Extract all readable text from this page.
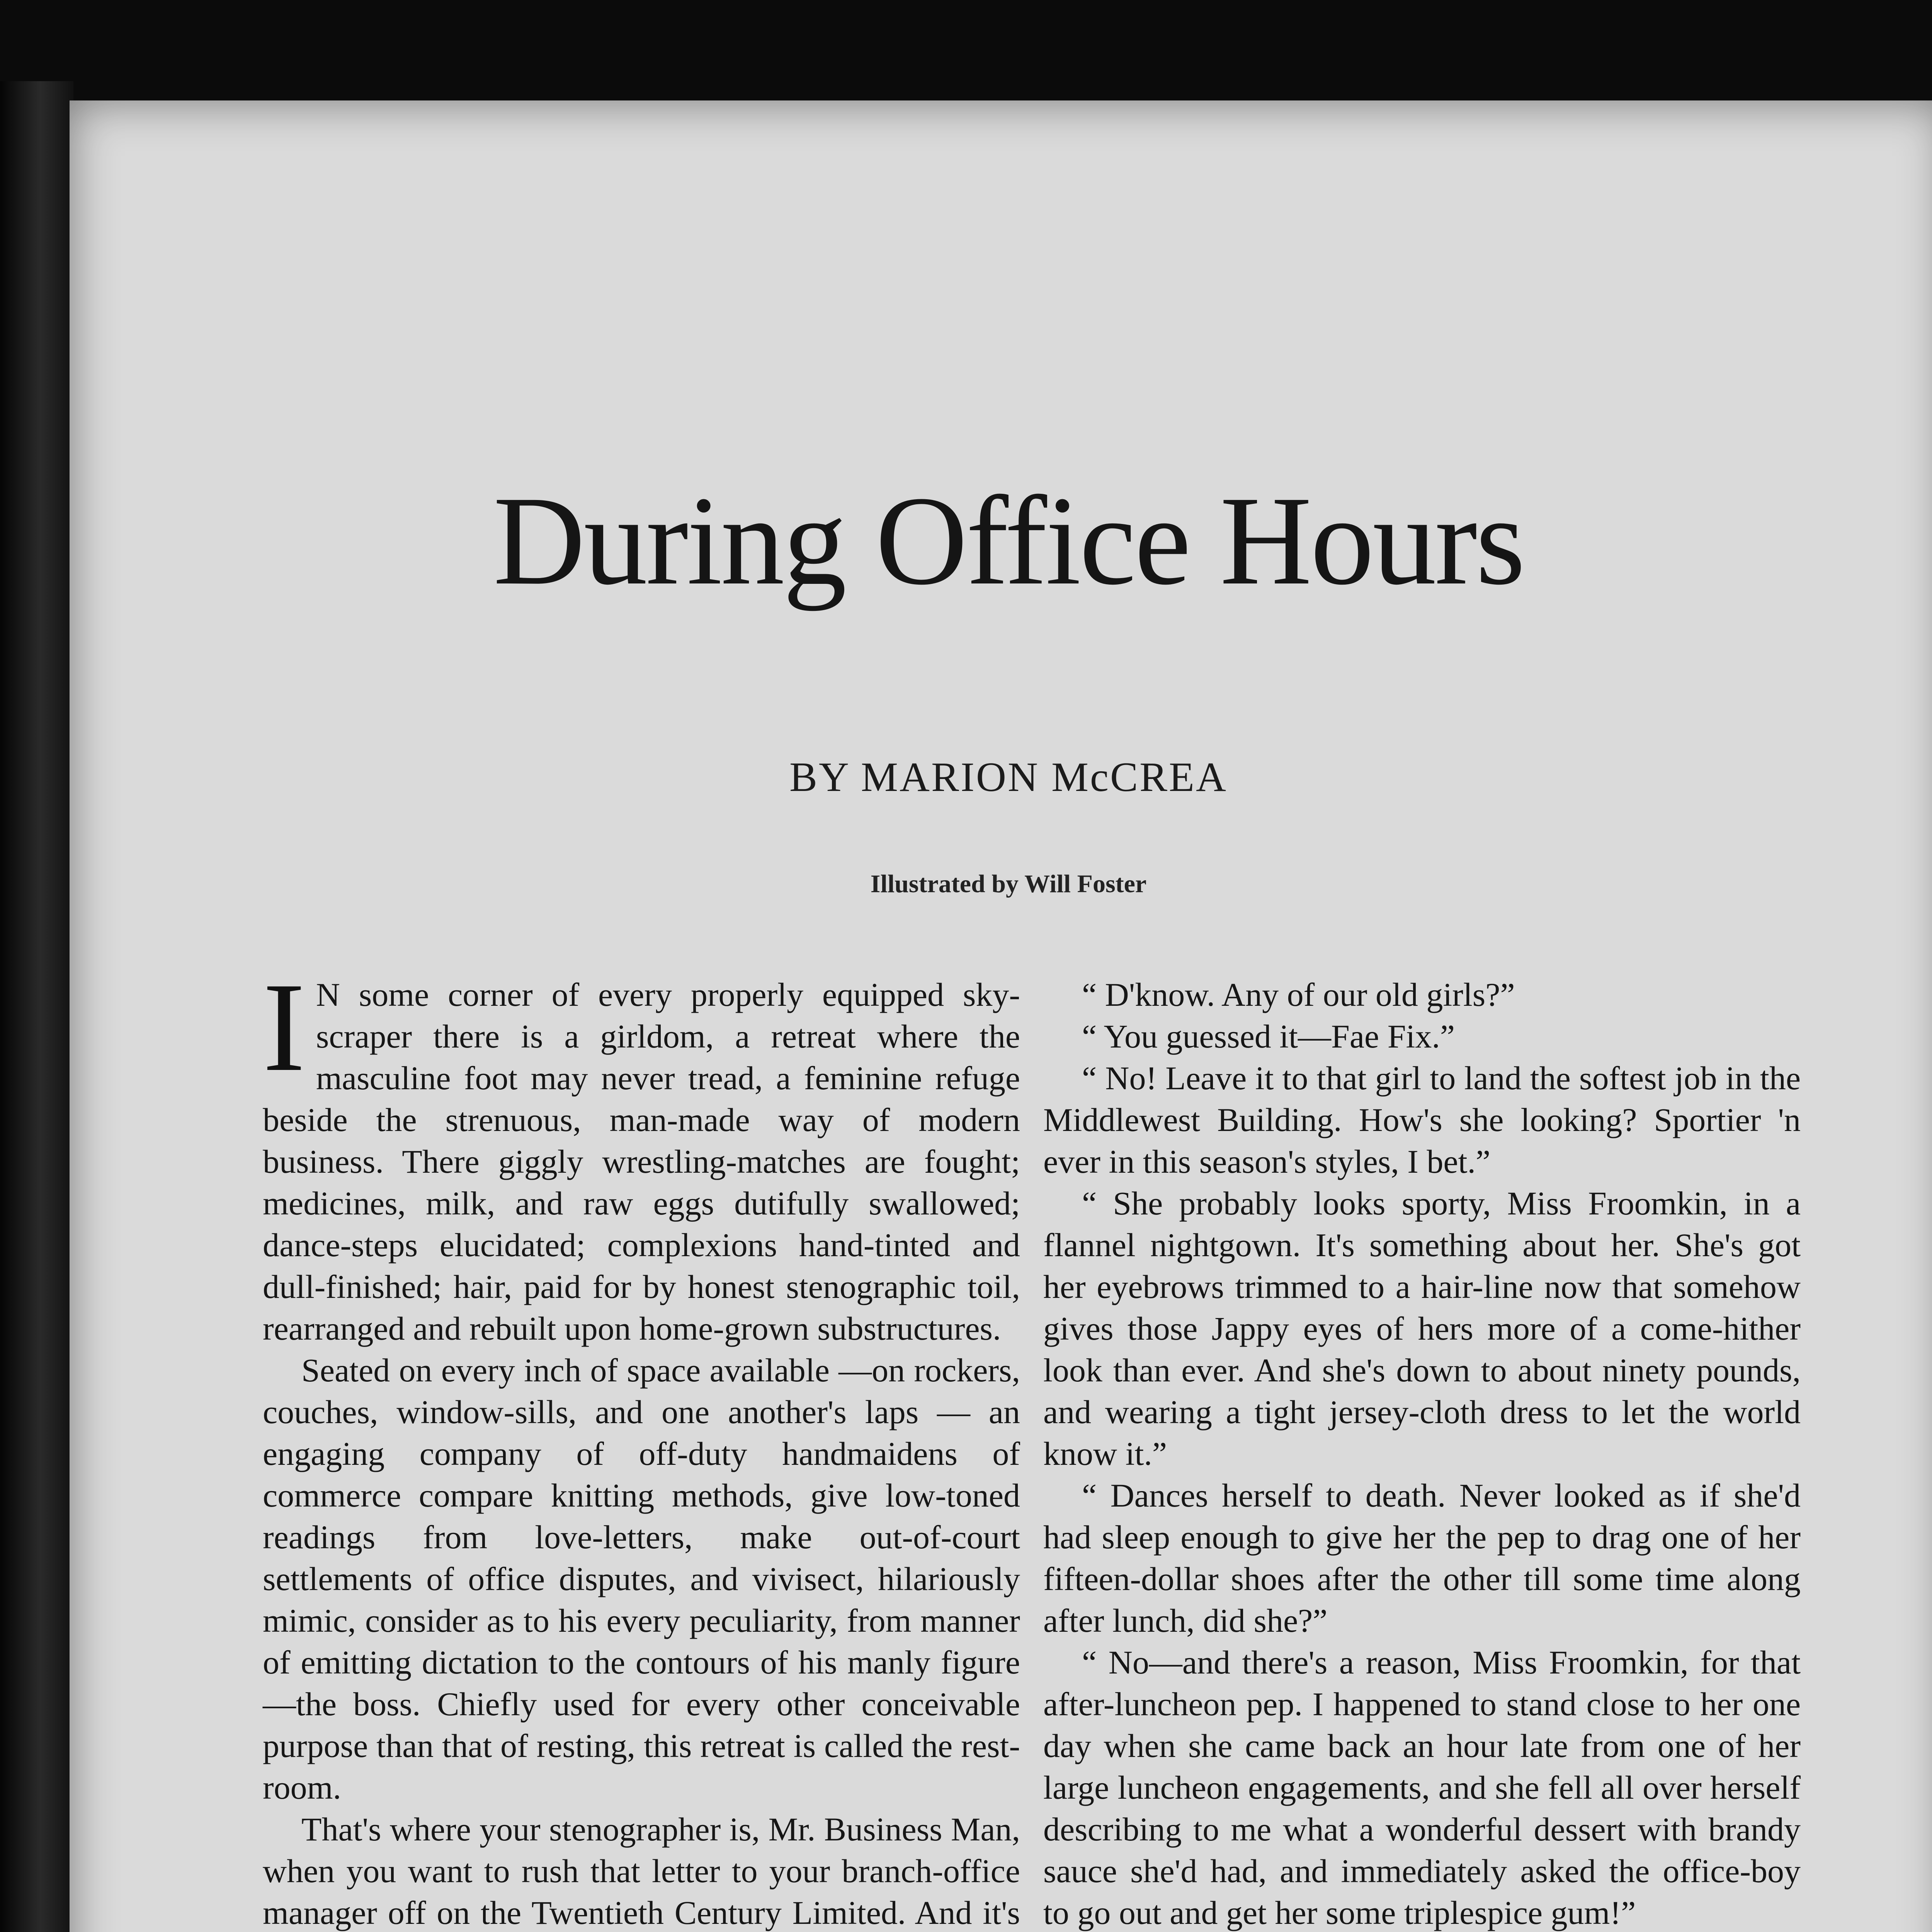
During Office Hours
BY MARION McCREA
Illustrated by Will Foster

I N some corner of every properly equipped sky-scraper there is a girldom, a retreat where the masculine foot may never tread, a feminine refuge beside the strenuous, man-made way of modern business. There giggly wrestling-matches are fought; medicines, milk, and raw eggs dutifully swallowed; dance-steps elucidated; complexions hand-tinted and dull-finished; hair, paid for by honest stenographic toil, rearranged and rebuilt upon home-grown substructures.

Seated on every inch of space available —on rockers, couches, window-sills, and one another's laps — an engaging company of off-duty handmaidens of commerce compare knitting methods, give low-toned readings from love-letters, make out-of-court settlements of office disputes, and vivisect, hilariously mimic, consider as to his every peculiarity, from manner of emitting dictation to the contours of his manly figure—the boss. Chiefly used for every other conceivable purpose than that of resting, this retreat is called the rest-room.

That's where your stenographer is, Mr. Business Man, when you want to rush that letter to your branch-office manager off on the Twentieth Century Limited. And it's

“ D'know. Any of our old girls?”

“ You guessed it—Fae Fix.”

“ No! Leave it to that girl to land the softest job in the Middlewest Building. How's she looking? Sportier 'n ever in this season's styles, I bet.”

“ She probably looks sporty, Miss Froomkin, in a flannel nightgown. It's something about her. She's got her eyebrows trimmed to a hair-line now that somehow gives those Jappy eyes of hers more of a come-hither look than ever. And she's down to about ninety pounds, and wearing a tight jersey-cloth dress to let the world know it.”

“ Dances herself to death. Never looked as if she'd had sleep enough to give her the pep to drag one of her fifteen-dollar shoes after the other till some time along after lunch, did she?”

“ No—and there's a reason, Miss Froomkin, for that after-luncheon pep. I happened to stand close to her one day when she came back an hour late from one of her large luncheon engagements, and she fell all over herself describing to me what a wonderful dessert with brandy sauce she'd had, and immediately asked the office-boy to go out and get her some triplespice gum!”
